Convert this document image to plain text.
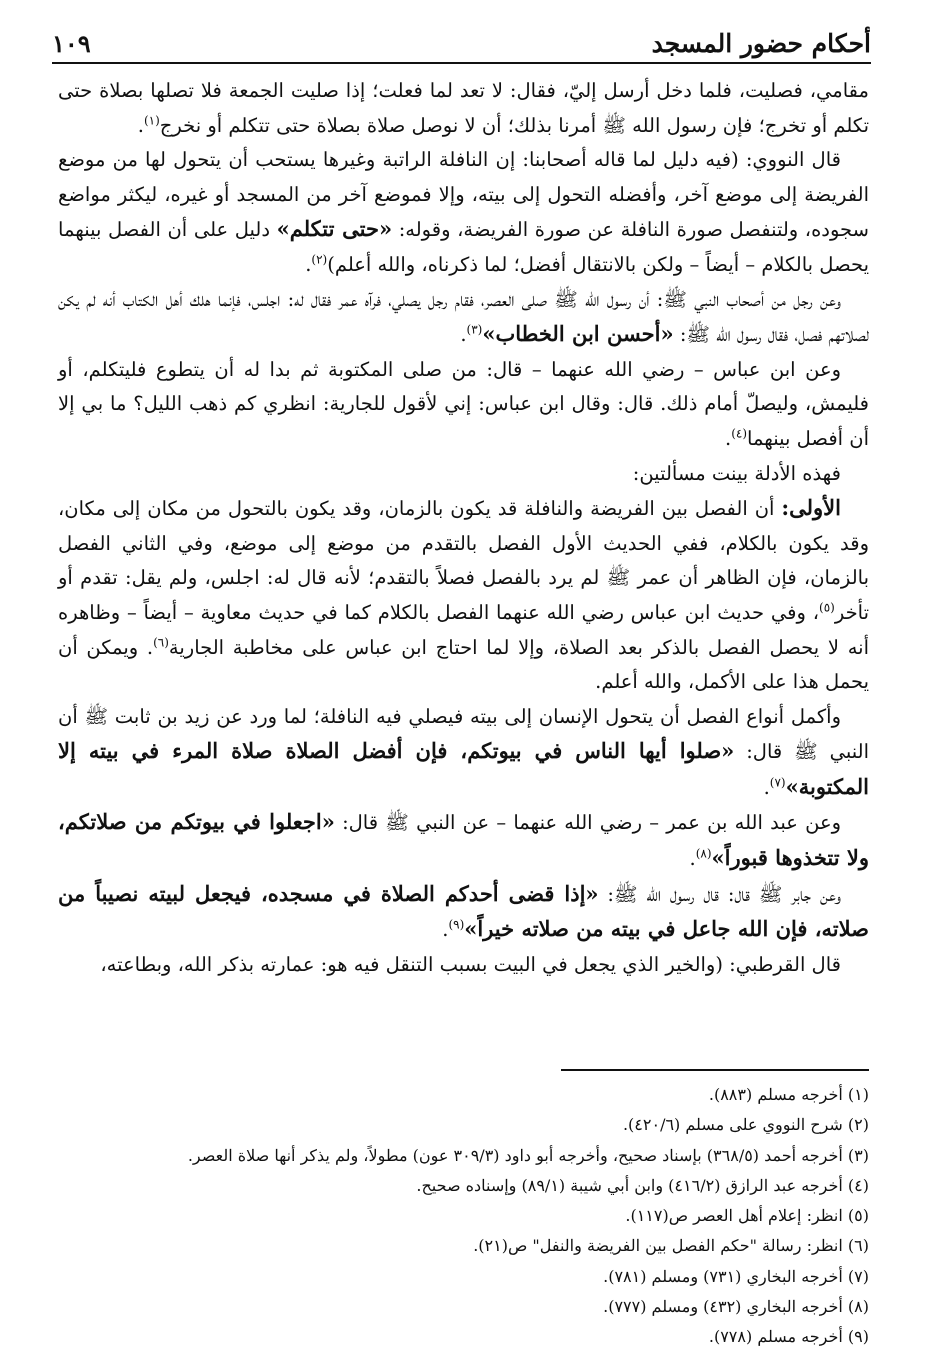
أحكام حضور المسجد
١٠٩

مقامي، فصليت، فلما دخل أرسل إليّ، فقال: لا تعد لما فعلت؛ إذا صليت الجمعة فلا تصلها بصلاة حتى تكلم أو تخرج؛ فإن رسول الله ﷺ أمرنا بذلك؛ أن لا نوصل صلاة بصلاة حتى تتكلم أو نخرج$^{(١)}$.

قال النووي: (فيه دليل لما قاله أصحابنا: إن النافلة الراتبة وغيرها يستحب أن يتحول لها من موضع الفريضة إلى موضع آخر، وأفضله التحول إلى بيته، وإلا فموضع آخر من المسجد أو غيره، ليكثر مواضع سجوده، ولتنفصل صورة النافلة عن صورة الفريضة، وقوله: «حتى تتكلم» دليل على أن الفصل بينهما يحصل بالكلام – أيضاً – ولكن بالانتقال أفضل؛ لما ذكرناه، والله أعلم)$^{(٢)}$.

وعن رجل من أصحاب النبي ﷺ: أن رسول الله ﷺ صلى العصر، فقام رجل يصلي، فرآه عمر فقال له: اجلس، فإنما هلك أهل الكتاب أنه لم يكن لصلاتهم فصل، فقال رسول الله ﷺ: «أحسن ابن الخطاب»$^{(٣)}$.

وعن ابن عباس – رضي الله عنهما – قال: من صلى المكتوبة ثم بدا له أن يتطوع فليتكلم، أو فليمش، وليصلّ أمام ذلك. قال: وقال ابن عباس: إني لأقول للجارية: انظري كم ذهب الليل؟ ما بي إلا أن أفصل بينهما$^{(٤)}$.

فهذه الأدلة بينت مسألتين:

الأولى: أن الفصل بين الفريضة والنافلة قد يكون بالزمان، وقد يكون بالتحول من مكان إلى مكان، وقد يكون بالكلام، ففي الحديث الأول الفصل بالتقدم من موضع إلى موضع، وفي الثاني الفصل بالزمان، فإن الظاهر أن عمر ﷺ لم يرد بالفصل فصلاً بالتقدم؛ لأنه قال له: اجلس، ولم يقل: تقدم أو تأخر$^{(٥)}$، وفي حديث ابن عباس رضي الله عنهما الفصل بالكلام كما في حديث معاوية – أيضاً – وظاهره أنه لا يحصل الفصل بالذكر بعد الصلاة، وإلا لما احتاج ابن عباس على مخاطبة الجارية$^{(٦)}$. ويمكن أن يحمل هذا على الأكمل، والله أعلم.

وأكمل أنواع الفصل أن يتحول الإنسان إلى بيته فيصلي فيه النافلة؛ لما ورد عن زيد بن ثابت ﷺ أن النبي ﷺ قال: «صلوا أيها الناس في بيوتكم، فإن أفضل الصلاة صلاة المرء في بيته إلا المكتوبة»$^{(٧)}$.

وعن عبد الله بن عمر – رضي الله عنهما – عن النبي ﷺ قال: «اجعلوا في بيوتكم من صلاتكم، ولا تتخذوها قبوراً»$^{(٨)}$.

وعن جابر ﷺ قال: قال رسول الله ﷺ: «إذا قضى أحدكم الصلاة في مسجده، فيجعل لبيته نصيباً من صلاته، فإن الله جاعل في بيته من صلاته خيراً»$^{(٩)}$.

قال القرطبي: (والخير الذي يجعل في البيت بسبب التنقل فيه هو: عمارته بذكر الله، وبطاعته،

(١) أخرجه مسلم (٨٨٣).
(٢) شرح النووي على مسلم (٤٢٠/٦).
(٣) أخرجه أحمد (٣٦٨/٥) بإسناد صحيح، وأخرجه أبو داود (٣٠٩/٣ عون) مطولاً، ولم يذكر أنها صلاة العصر.
(٤) أخرجه عبد الرازق (٤١٦/٢) وابن أبي شيبة (٨٩/١) وإسناده صحيح.
(٥) انظر: إعلام أهل العصر ص(١١٧).
(٦) انظر: رسالة "حكم الفصل بين الفريضة والنفل" ص(٢١).
(٧) أخرجه البخاري (٧٣١) ومسلم (٧٨١).
(٨) أخرجه البخاري (٤٣٢) ومسلم (٧٧٧).
(٩) أخرجه مسلم (٧٧٨).
